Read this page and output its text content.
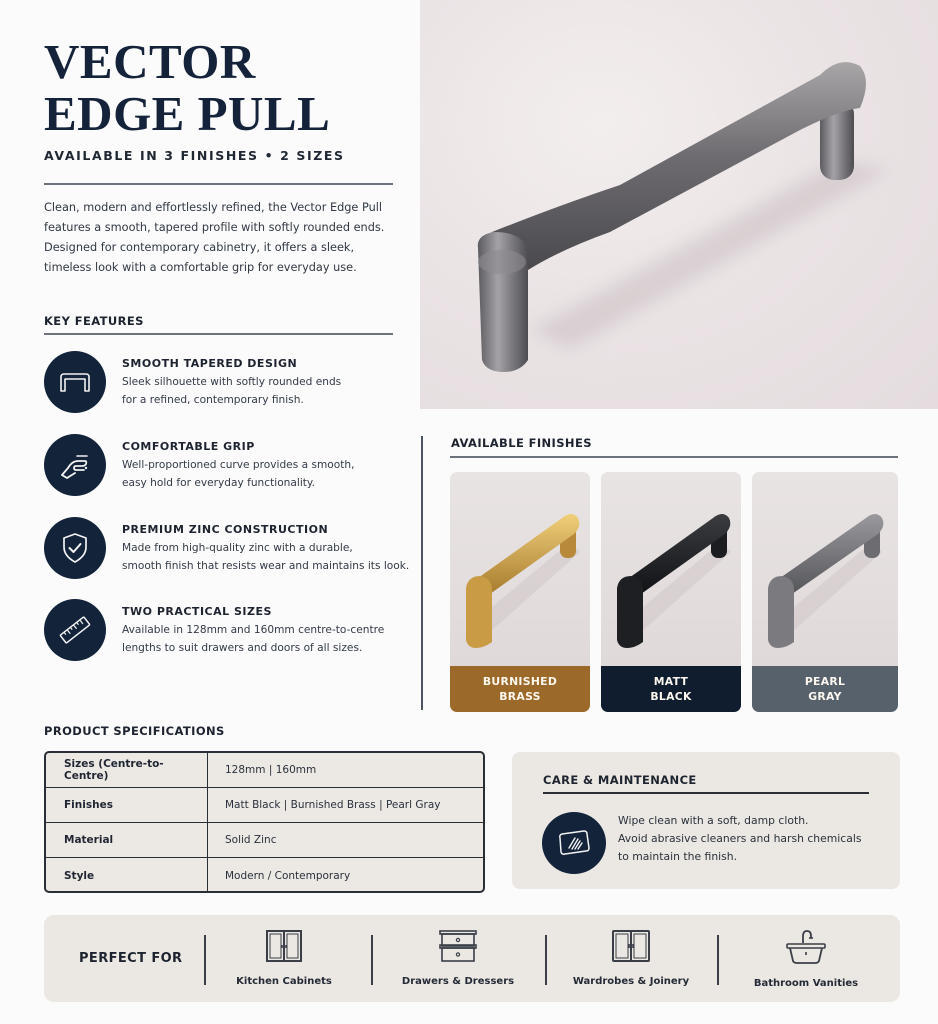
VECTOR
EDGE PULL
AVAILABLE IN 3 FINISHES • 2 SIZES
Clean, modern and effortlessly refined, the Vector Edge Pull
features a smooth, tapered profile with softly rounded ends.
Designed for contemporary cabinetry, it offers a sleek,
timeless look with a comfortable grip for everyday use.
KEY FEATURES
SMOOTH TAPERED DESIGN
Sleek silhouette with softly rounded ends
for a refined, contemporary finish.
COMFORTABLE GRIP
Well-proportioned curve provides a smooth,
easy hold for everyday functionality.
PREMIUM ZINC CONSTRUCTION
Made from high-quality zinc with a durable,
smooth finish that resists wear and maintains its look.
TWO PRACTICAL SIZES
Available in 128mm and 160mm centre-to-centre
lengths to suit drawers and doors of all sizes.
AVAILABLE FINISHES
BURNISHED
BRASS
MATT
BLACK
PEARL
GRAY
PRODUCT SPECIFICATIONS
Sizes (Centre-to-Centre)	128mm | 160mm
Finishes	Matt Black | Burnished Brass | Pearl Gray
Material	Solid Zinc
Style	Modern / Contemporary
CARE & MAINTENANCE
Wipe clean with a soft, damp cloth.
Avoid abrasive cleaners and harsh chemicals
to maintain the finish.
PERFECT FOR
Kitchen Cabinets	Drawers & Dressers	Wardrobes & Joinery	Bathroom Vanities
